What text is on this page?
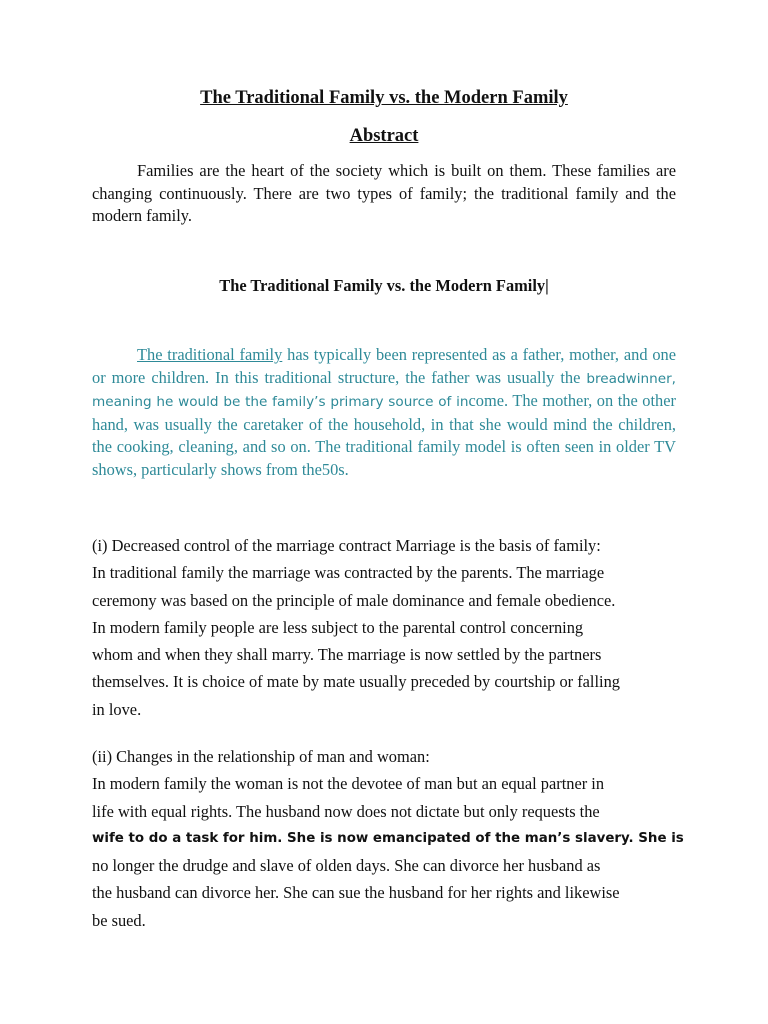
The Traditional Family vs. the Modern Family
Abstract

Families are the heart of the society which is built on them. These families are changing continuously. There are two types of family; the traditional family and the modern family.

The Traditional Family vs. the Modern Family|

The traditional family has typically been represented as a father, mother, and one or more children. In this traditional structure, the father was usually the breadwinner, meaning he would be the family’s primary source of income. The mother, on the other hand, was usually the caretaker of the household, in that she would mind the children, the cooking, cleaning, and so on. The traditional family model is often seen in older TV shows, particularly shows from the50s.

(i) Decreased control of the marriage contract Marriage is the basis of family:
In traditional family the marriage was contracted by the parents. The marriage
ceremony was based on the principle of male dominance and female obedience.
In modern family people are less subject to the parental control concerning
whom and when they shall marry. The marriage is now settled by the partners
themselves. It is choice of mate by mate usually preceded by courtship or falling
in love.
(ii) Changes in the relationship of man and woman:
In modern family the woman is not the devotee of man but an equal partner in
life with equal rights. The husband now does not dictate but only requests the
wife to do a task for him. She is now emancipated of the man’s slavery. She is
no longer the drudge and slave of olden days. She can divorce her husband as
the husband can divorce her. She can sue the husband for her rights and likewise
be sued.
